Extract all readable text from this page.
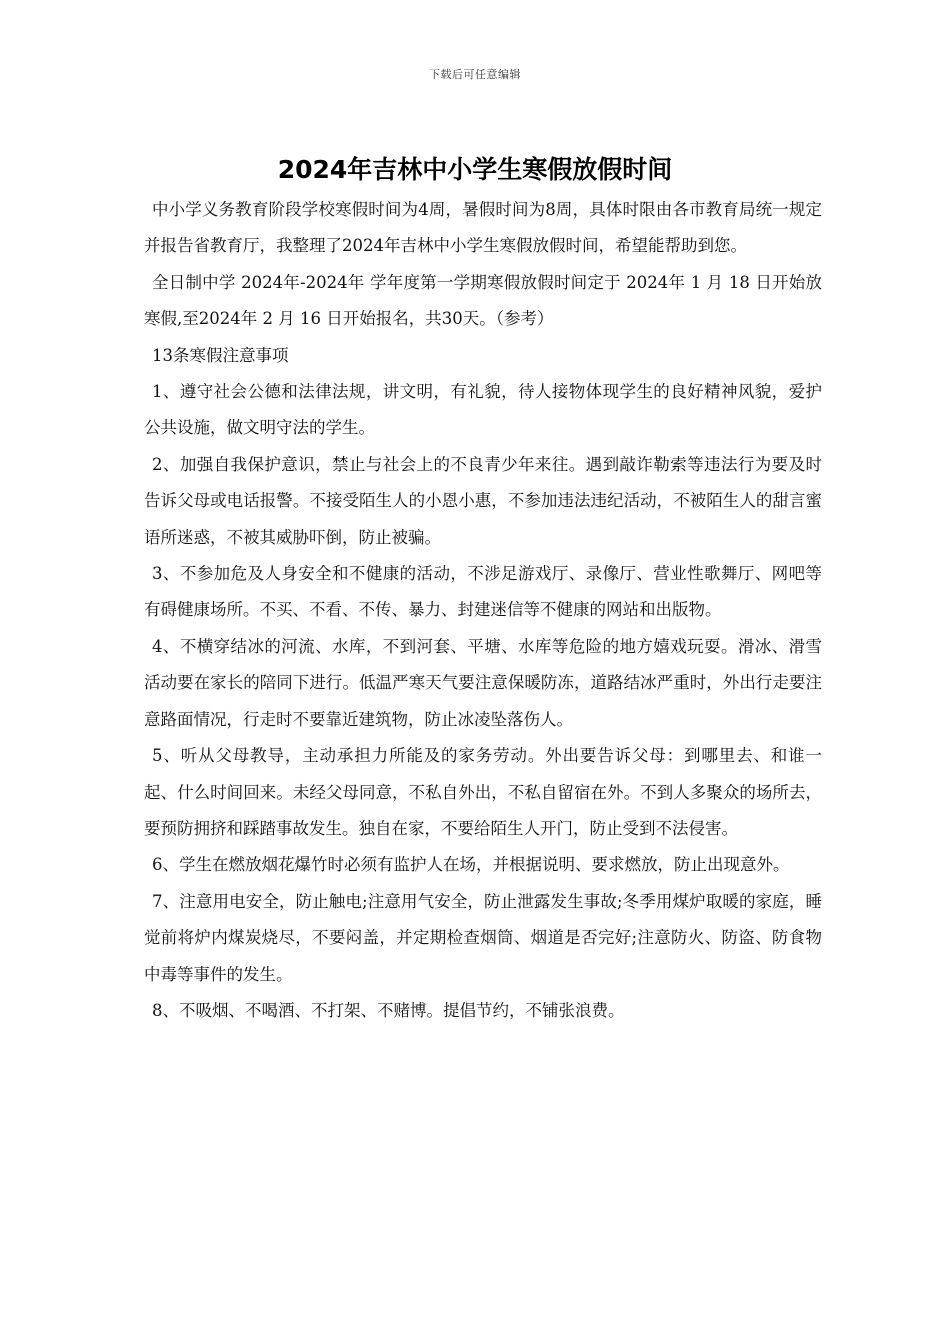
下载后可任意编辑
2024年吉林中小学生寒假放假时间

中小学义务教育阶段学校寒假时间为4周，暑假时间为8周，具体时限由各市教育局统一规定并报告省教育厅，我整理了2024年吉林中小学生寒假放假时间，希望能帮助到您。

全日制中学 2024年-2024年 学年度第一学期寒假放假时间定于 2024年 1 月 18 日开始放寒假,至2024年 2 月 16 日开始报名，共30天。（参考）

13条寒假注意事项

1、遵守社会公德和法律法规，讲文明，有礼貌，待人接物体现学生的良好精神风貌，爱护公共设施，做文明守法的学生。

2、加强自我保护意识，禁止与社会上的不良青少年来往。遇到敲诈勒索等违法行为要及时告诉父母或电话报警。不接受陌生人的小恩小惠，不参加违法违纪活动，不被陌生人的甜言蜜语所迷惑，不被其威胁吓倒，防止被骗。

3、不参加危及人身安全和不健康的活动，不涉足游戏厅、录像厅、营业性歌舞厅、网吧等有碍健康场所。不买、不看、不传、暴力、封建迷信等不健康的网站和出版物。

4、不横穿结冰的河流、水库，不到河套、平塘、水库等危险的地方嬉戏玩耍。滑冰、滑雪活动要在家长的陪同下进行。低温严寒天气要注意保暖防冻，道路结冰严重时，外出行走要注意路面情况，行走时不要靠近建筑物，防止冰凌坠落伤人。

5、听从父母教导，主动承担力所能及的家务劳动。外出要告诉父母：到哪里去、和谁一起、什么时间回来。未经父母同意，不私自外出，不私自留宿在外。不到人多聚众的场所去，要预防拥挤和踩踏事故发生。独自在家，不要给陌生人开门，防止受到不法侵害。

6、学生在燃放烟花爆竹时必须有监护人在场，并根据说明、要求燃放，防止出现意外。

7、注意用电安全，防止触电;注意用气安全，防止泄露发生事故;冬季用煤炉取暖的家庭，睡觉前将炉内煤炭烧尽，不要闷盖，并定期检查烟筒、烟道是否完好;注意防火、防盗、防食物中毒等事件的发生。

8、不吸烟、不喝酒、不打架、不赌博。提倡节约，不铺张浪费。
